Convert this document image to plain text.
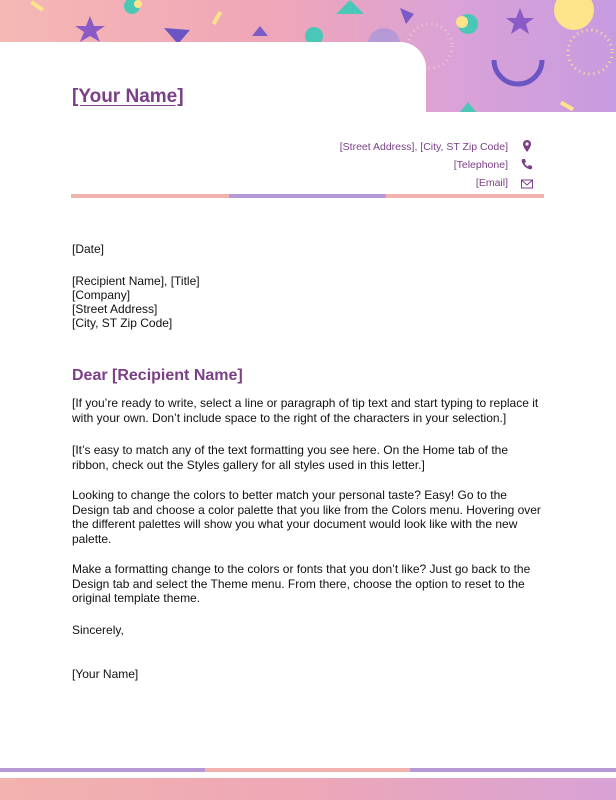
[Your Name]
[Street Address], [City, ST Zip Code]
[Telephone]
[Email]
[Date]
[Recipient Name], [Title]
[Company]
[Street Address]
[City, ST Zip Code]
Dear [Recipient Name]
[If you’re ready to write, select a line or paragraph of tip text and start typing to replace it with your own. Don’t include space to the right of the characters in your selection.]
[It’s easy to match any of the text formatting you see here. On the Home tab of the ribbon, check out the Styles gallery for all styles used in this letter.]
Looking to change the colors to better match your personal taste? Easy! Go to the Design tab and choose a color palette that you like from the Colors menu. Hovering over the different palettes will show you what your document would look like with the new palette.
Make a formatting change to the colors or fonts that you don’t like? Just go back to the Design tab and select the Theme menu. From there, choose the option to reset to the original template theme.
Sincerely,
[Your Name]
